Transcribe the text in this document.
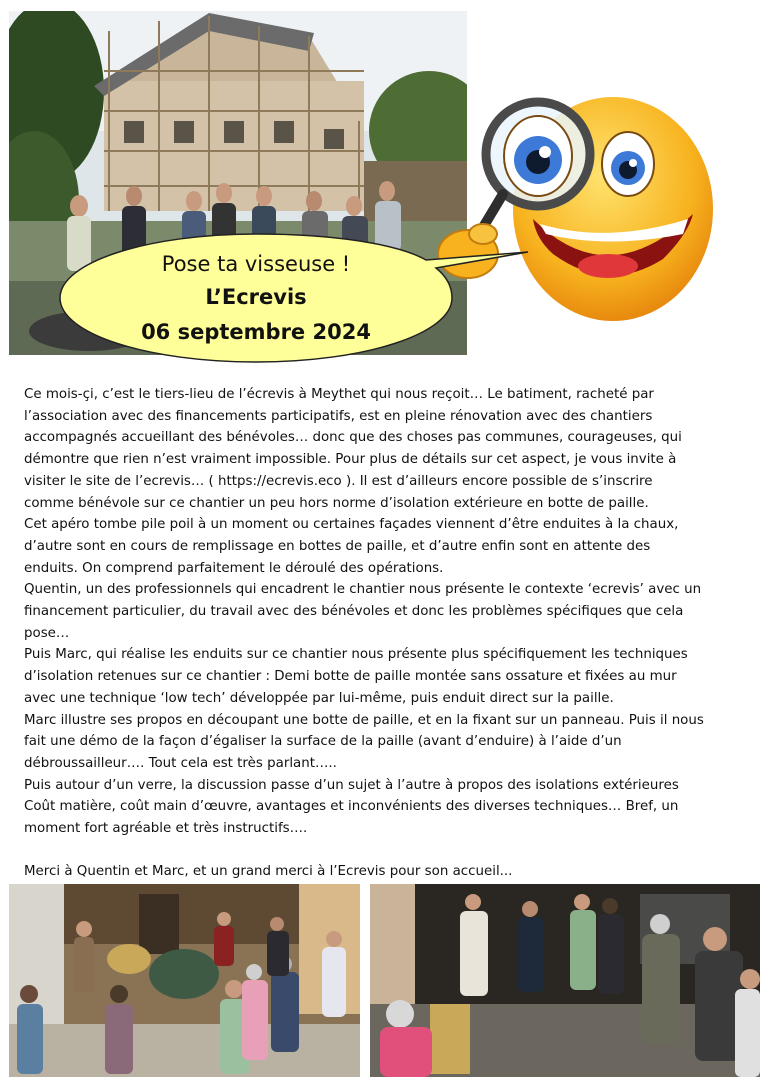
Pose ta visseuse !
L’Ecrevis
06 septembre 2024

Ce mois-çi, c’est le tiers-lieu de l’écrevis à Meythet qui nous reçoit… Le batiment, racheté par

l’association avec des financements participatifs, est en pleine rénovation avec des chantiers

accompagnés accueillant des bénévoles… donc que des choses pas communes, courageuses, qui

démontre que rien n’est vraiment impossible. Pour plus de détails sur cet aspect, je vous invite à

visiter le site de l’ecrevis… ( https://ecrevis.eco ). Il est d’ailleurs encore possible de s’inscrire

comme bénévole sur ce chantier un peu hors norme d’isolation extérieure en botte de paille.

Cet apéro tombe pile poil à un moment ou certaines façades viennent d’être enduites à la chaux,

d’autre sont en cours de remplissage en bottes de paille, et d’autre enfin sont en attente des

enduits. On comprend parfaitement le déroulé des opérations.

Quentin, un des professionnels qui encadrent le chantier nous présente le contexte ‘ecrevis’ avec un

financement particulier, du travail avec des bénévoles et donc les problèmes spécifiques que cela

pose…

Puis Marc, qui réalise les enduits sur ce chantier nous présente plus spécifiquement les techniques

d’isolation retenues sur ce chantier : Demi botte de paille montée sans ossature et fixées au mur

avec une technique ‘low tech’ développée par lui-même, puis enduit direct sur la paille.

Marc illustre ses propos en découpant une botte de paille, et en la fixant sur un panneau. Puis il nous

fait une démo de la façon d’égaliser la surface de la paille (avant d’enduire) à l’aide d’un

débroussailleur…. Tout cela est très parlant…..

Puis autour d’un verre, la discussion passe d’un sujet à l’autre à propos des isolations extérieures

Coût matière, coût main d’œuvre, avantages et inconvénients des diverses techniques… Bref, un

moment fort agréable et très instructifs….

Merci à Quentin et Marc, et un grand merci à l’Ecrevis pour son accueil...
